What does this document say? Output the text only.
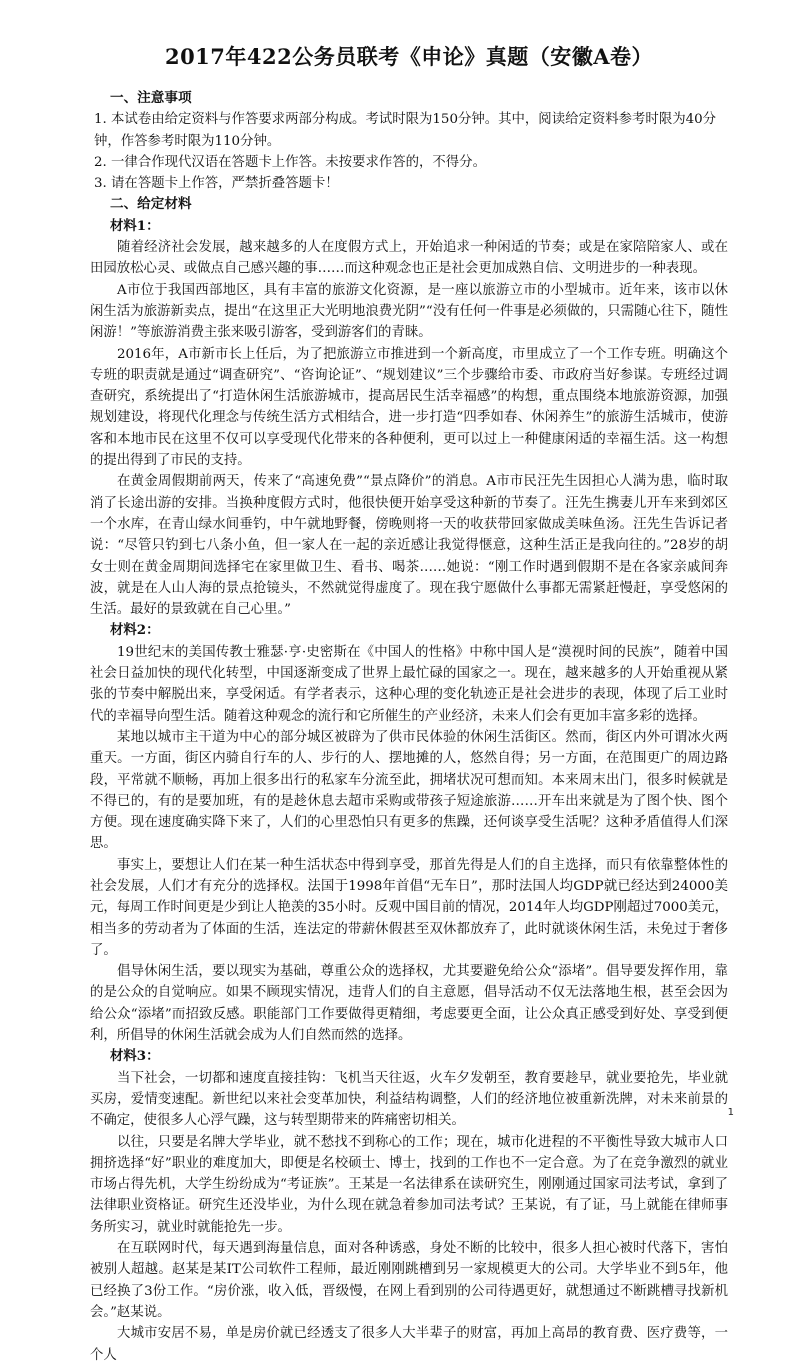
2017年422公务员联考《申论》真题（安徽A卷）
一、注意事项

1. 本试卷由给定资料与作答要求两部分构成。考试时限为150分钟。其中，阅读给定资料参考时限为40分钟，作答参考时限为110分钟。

2. 一律合作现代汉语在答题卡上作答。未按要求作答的，不得分。

3. 请在答题卡上作答，严禁折叠答题卡！

二、给定材料
材料1：

随着经济社会发展，越来越多的人在度假方式上，开始追求一种闲适的节奏；或是在家陪陪家人、或在田园放松心灵、或做点自己感兴趣的事……而这种观念也正是社会更加成熟自信、文明进步的一种表现。

A市位于我国西部地区，具有丰富的旅游文化资源，是一座以旅游立市的小型城市。近年来，该市以休闲生活为旅游新卖点，提出“在这里正大光明地浪费光阴”“没有任何一件事是必须做的，只需随心往下，随性闲游！”等旅游消费主张来吸引游客，受到游客们的青睐。

2016年，A市新市长上任后，为了把旅游立市推进到一个新高度，市里成立了一个工作专班。明确这个专班的职责就是通过“调查研究”、“咨询论证”、“规划建议”三个步骤给市委、市政府当好参谋。专班经过调查研究，系统提出了“打造休闲生活旅游城市，提高居民生活幸福感”的构想，重点围绕本地旅游资源，加强规划建设，将现代化理念与传统生活方式相结合，进一步打造“四季如春、休闲养生”的旅游生活城市，使游客和本地市民在这里不仅可以享受现代化带来的各种便利，更可以过上一种健康闲适的幸福生活。这一构想的提出得到了市民的支持。

在黄金周假期前两天，传来了“高速免费”“景点降价”的消息。A市市民汪先生因担心人满为患，临时取消了长途出游的安排。当换种度假方式时，他很快便开始享受这种新的节奏了。汪先生携妻儿开车来到郊区一个水库，在青山绿水间垂钓，中午就地野餐，傍晚则将一天的收获带回家做成美味鱼汤。汪先生告诉记者说：“尽管只钓到七八条小鱼，但一家人在一起的亲近感让我觉得惬意，这种生活正是我向往的。”28岁的胡女士则在黄金周期间选择宅在家里做卫生、看书、喝茶……她说：“刚工作时遇到假期不是在各家亲戚间奔波，就是在人山人海的景点抢镜头，不然就觉得虚度了。现在我宁愿做什么事都无需紧赶慢赶，享受悠闲的生活。最好的景致就在自己心里。”

材料2：

19世纪末的美国传教士雅瑟·亨·史密斯在《中国人的性格》中称中国人是“漠视时间的民族”，随着中国社会日益加快的现代化转型，中国逐渐变成了世界上最忙碌的国家之一。现在，越来越多的人开始重视从紧张的节奏中解脱出来，享受闲适。有学者表示，这种心理的变化轨迹正是社会进步的表现，体现了后工业时代的幸福导向型生活。随着这种观念的流行和它所催生的产业经济，未来人们会有更加丰富多彩的选择。

某地以城市主干道为中心的部分城区被辟为了供市民体验的休闲生活街区。然而，街区内外可谓冰火两重天。一方面，街区内骑自行车的人、步行的人、摆地摊的人，悠然自得；另一方面，在范围更广的周边路段，平常就不顺畅，再加上很多出行的私家车分流至此，拥堵状况可想而知。本来周末出门，很多时候就是不得已的，有的是要加班，有的是趁休息去超市采购或带孩子短途旅游……开车出来就是为了图个快、图个方便。现在速度确实降下来了，人们的心里恐怕只有更多的焦躁，还何谈享受生活呢？这种矛盾值得人们深思。

事实上，要想让人们在某一种生活状态中得到享受，那首先得是人们的自主选择，而只有依靠整体性的社会发展，人们才有充分的选择权。法国于1998年首倡“无车日”，那时法国人均GDP就已经达到24000美元，每周工作时间更是少到让人艳羡的35小时。反观中国目前的情况，2014年人均GDP刚超过7000美元，相当多的劳动者为了体面的生活，连法定的带薪休假甚至双休都放弃了，此时就谈休闲生活，未免过于奢侈了。

倡导休闲生活，要以现实为基础，尊重公众的选择权，尤其要避免给公众“添堵”。倡导要发挥作用，靠的是公众的自觉响应。如果不顾现实情况，违背人们的自主意愿，倡导活动不仅无法落地生根，甚至会因为给公众“添堵”而招致反感。职能部门工作要做得更精细，考虑要更全面，让公众真正感受到好处、享受到便利，所倡导的休闲生活就会成为人们自然而然的选择。

材料3：

当下社会，一切都和速度直接挂钩：飞机当天往返，火车夕发朝至，教育要趁早，就业要抢先，毕业就买房，爱情变速配。新世纪以来社会变革加快，利益结构调整，人们的经济地位被重新洗牌，对未来前景的不确定，使很多人心浮气躁，这与转型期带来的阵痛密切相关。

以往，只要是名牌大学毕业，就不愁找不到称心的工作；现在，城市化进程的不平衡性导致大城市人口拥挤选择“好”职业的难度加大，即便是名校硕士、博士，找到的工作也不一定合意。为了在竞争激烈的就业市场占得先机，大学生纷纷成为“考证族”。王某是一名法律系在读研究生，刚刚通过国家司法考试，拿到了法律职业资格证。研究生还没毕业，为什么现在就急着参加司法考试？王某说，有了证，马上就能在律师事务所实习，就业时就能抢先一步。

在互联网时代，每天遇到海量信息，面对各种诱惑，身处不断的比较中，很多人担心被时代落下，害怕被别人超越。赵某是某IT公司软件工程师，最近刚刚跳槽到另一家规模更大的公司。大学毕业不到5年，他已经换了3份工作。“房价涨，收入低，晋级慢，在网上看到别的公司待遇更好，就想通过不断跳槽寻找新机会。”赵某说。

大城市安居不易，单是房价就已经透支了很多人大半辈子的财富，再加上高昂的教育费、医疗费等，一个人

1
